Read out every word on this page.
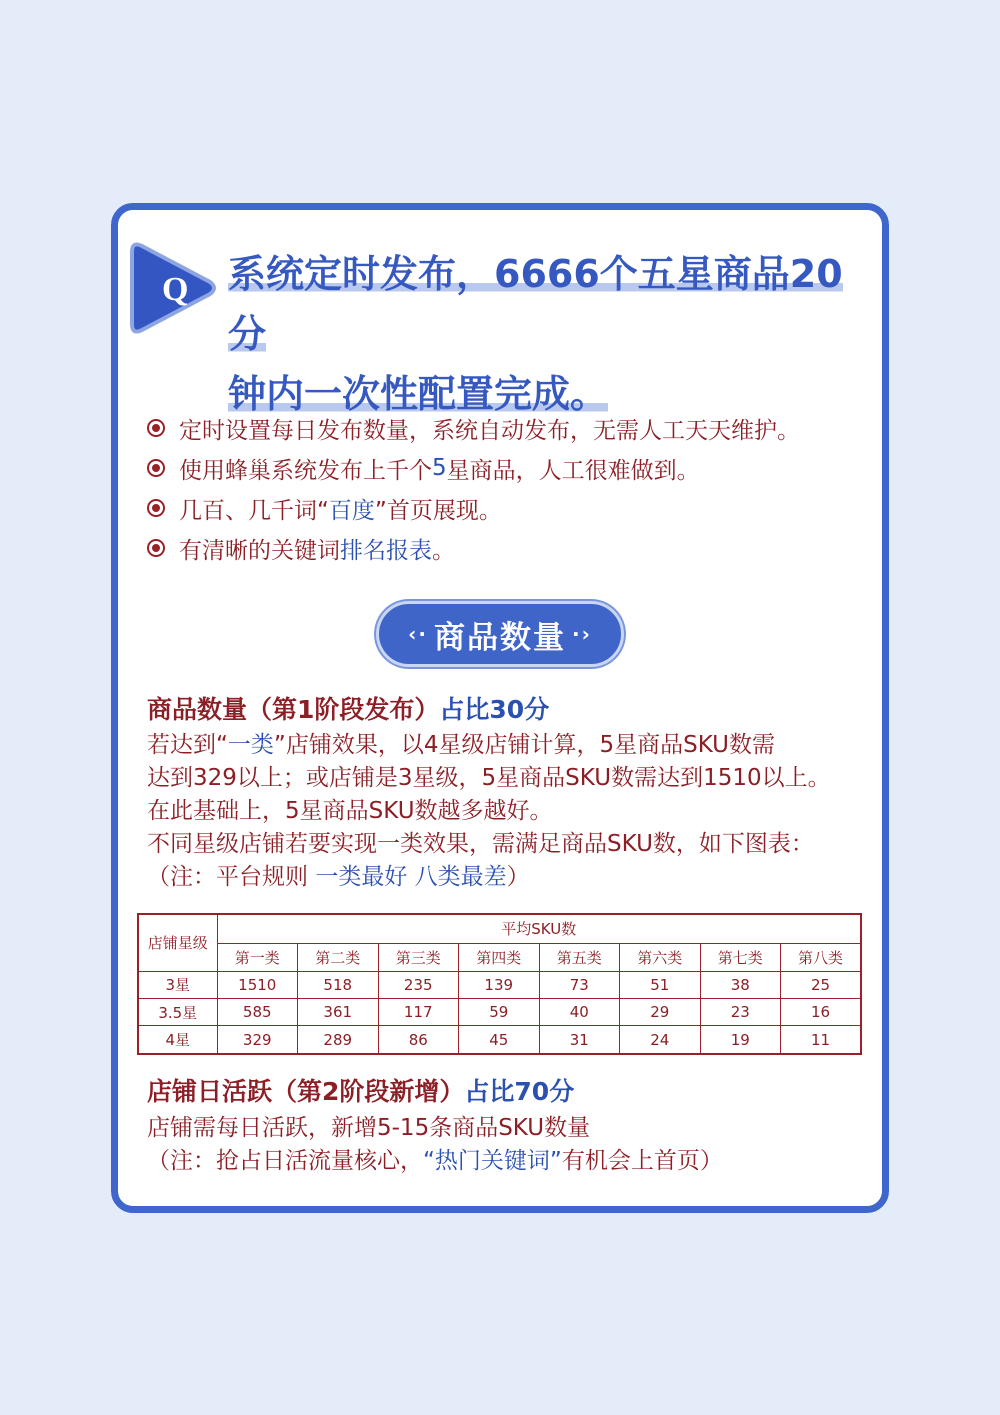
Q 系统定时发布，6666个五星商品20分
钟内一次性配置完成。
定时设置每日发布数量，系统自动发布，无需人工天天维护。
使用蜂巢系统发布上千个 5 星商品，人工很难做到。
几百、几千词“ 百度 ”首页展现。
有清晰的关键词 排名报表 。
‹· 商品数量 ·›
商品数量（第1阶段发布）占比30分
若达到“一类”店铺效果，以4星级店铺计算，5星商品SKU数需
达到329以上；或店铺是3星级，5星商品SKU数需达到1510以上。
在此基础上，5星商品SKU数越多越好。
不同星级店铺若要实现一类效果，需满足商品SKU数，如下图表：
（注：平台规则 一类最好 八类最差）
店铺星级	平均SKU数							
	第一类	第二类	第三类	第四类	第五类	第六类	第七类	第八类
3星	1510	518	235	139	73	51	38	25
3.5星	585	361	117	59	40	29	23	16
4星	329	289	86	45	31	24	19	11
店铺日活跃（第2阶段新增）占比70分
店铺需每日活跃，新增5-15条商品SKU数量
（注：抢占日活流量核心，“热门关键词”有机会上首页）
